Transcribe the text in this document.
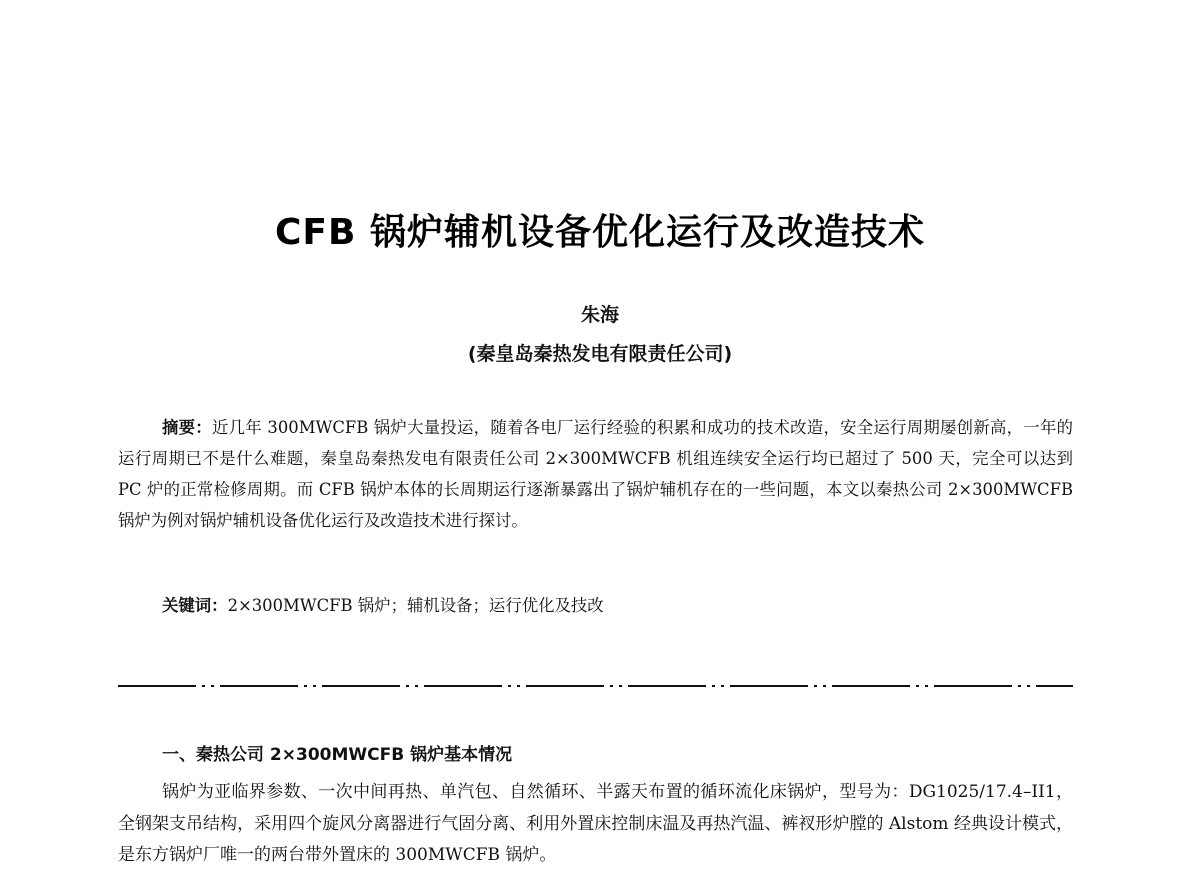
CFB 锅炉辅机设备优化运行及改造技术
朱海
(秦皇岛秦热发电有限责任公司)
摘要：近几年 300MWCFB 锅炉大量投运，随着各电厂运行经验的积累和成功的技术改造，安全运行周期屡创新高，一年的运行周期已不是什么难题，秦皇岛秦热发电有限责任公司 2×300MWCFB 机组连续安全运行均已超过了 500 天，完全可以达到 PC 炉的正常检修周期。而 CFB 锅炉本体的长周期运行逐渐暴露出了锅炉辅机存在的一些问题，本文以秦热公司 2×300MWCFB 锅炉为例对锅炉辅机设备优化运行及改造技术进行探讨。
关键词：2×300MWCFB 锅炉；辅机设备；运行优化及技改
一、秦热公司 2×300MWCFB 锅炉基本情况
锅炉为亚临界参数、一次中间再热、单汽包、自然循环、半露天布置的循环流化床锅炉，型号为：DG1025/17.4–II1，全钢架支吊结构，采用四个旋风分离器进行气固分离、利用外置床控制床温及再热汽温、裤衩形炉膛的 Alstom 经典设计模式，是东方锅炉厂唯一的两台带外置床的 300MWCFB 锅炉。
